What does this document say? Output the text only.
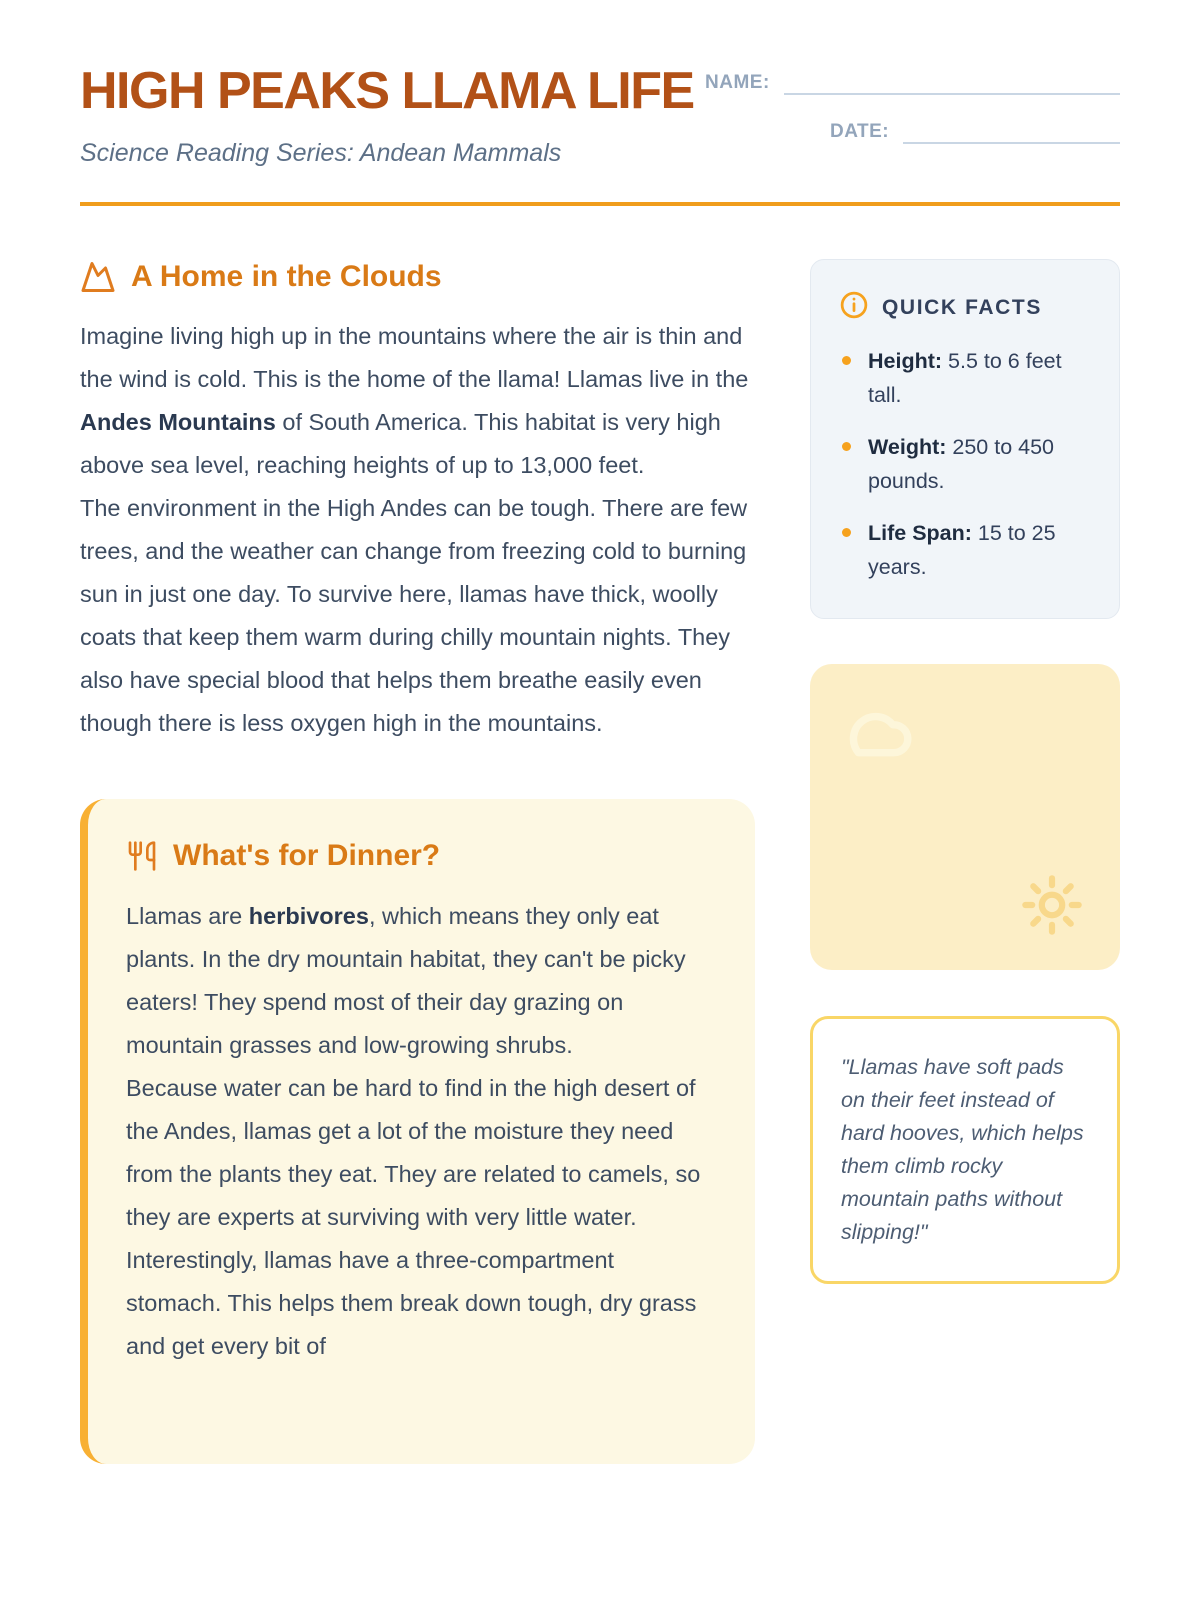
HIGH PEAKS LLAMA LIFE

Science Reading Series: Andean Mammals

NAME:
DATE:
A Home in the Clouds

Imagine living high up in the mountains where the air is thin and the wind is cold. This is the home of the llama! Llamas live in the Andes Mountains of South America. This habitat is very high above sea level, reaching heights of up to 13,000 feet.

The environment in the High Andes can be tough. There are few trees, and the weather can change from freezing cold to burning sun in just one day. To survive here, llamas have thick, woolly coats that keep them warm during chilly mountain nights. They also have special blood that helps them breathe easily even though there is less oxygen high in the mountains.

What's for Dinner?

Llamas are herbivores, which means they only eat plants. In the dry mountain habitat, they can't be picky eaters! They spend most of their day grazing on mountain grasses and low-growing shrubs.

Because water can be hard to find in the high desert of the Andes, llamas get a lot of the moisture they need from the plants they eat. They are related to camels, so they are experts at surviving with very little water. Interestingly, llamas have a three-compartment stomach. This helps them break down tough, dry grass and get every bit of

QUICK FACTS
Height: 5.5 to 6 feet tall.
Weight: 250 to 450 pounds.
Life Span: 15 to 25 years.

"Llamas have soft pads on their feet instead of hard hooves, which helps them climb rocky mountain paths without slipping!"
